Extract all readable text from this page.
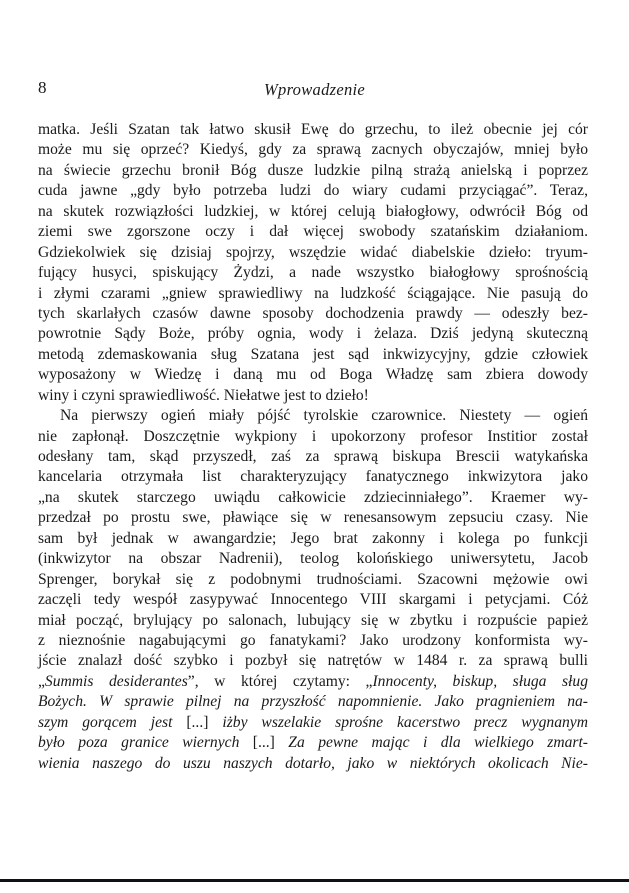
8	Wprowadzenie
matka. Jeśli Szatan tak łatwo skusił Ewę do grzechu, to ileż obecnie jej cór
może mu się oprzeć? Kiedyś, gdy za sprawą zacnych obyczajów, mniej było
na świecie grzechu bronił Bóg dusze ludzkie pilną strażą anielską i poprzez
cuda jawne „gdy było potrzeba ludzi do wiary cudami przyciągać”. Teraz,
na skutek rozwiązłości ludzkiej, w której celują białogłowy, odwrócił Bóg od
ziemi swe zgorszone oczy i dał więcej swobody szatańskim działaniom.
Gdziekolwiek się dzisiaj spojrzy, wszędzie widać diabelskie dzieło: tryum-
fujący husyci, spiskujący Żydzi, a nade wszystko białogłowy sprośnością
i złymi czarami „gniew sprawiedliwy na ludzkość ściągające. Nie pasują do
tych skarlałych czasów dawne sposoby dochodzenia prawdy — odeszły bez-
powrotnie Sądy Boże, próby ognia, wody i żelaza. Dziś jedyną skuteczną
metodą zdemaskowania sług Szatana jest sąd inkwizycyjny, gdzie człowiek
wyposażony w Wiedzę i daną mu od Boga Władzę sam zbiera dowody
winy i czyni sprawiedliwość. Niełatwe jest to dzieło!
Na pierwszy ogień miały pójść tyrolskie czarownice. Niestety — ogień
nie zapłonął. Doszczętnie wykpiony i upokorzony profesor Institior został
odesłany tam, skąd przyszedł, zaś za sprawą biskupa Brescii watykańska
kancelaria otrzymała list charakteryzujący fanatycznego inkwizytora jako
„na skutek starczego uwiądu całkowicie zdziecinniałego”. Kraemer wy-
przedzał po prostu swe, pławiące się w renesansowym zepsuciu czasy. Nie
sam był jednak w awangardzie; Jego brat zakonny i kolega po funkcji
(inkwizytor na obszar Nadrenii), teolog kolońskiego uniwersytetu, Jacob
Sprenger, borykał się z podobnymi trudnościami. Szacowni mężowie owi
zaczęli tedy wespół zasypywać Innocentego VIII skargami i petycjami. Cóż
miał począć, brylujący po salonach, lubujący się w zbytku i rozpuście papież
z nieznośnie nagabującymi go fanatykami? Jako urodzony konformista wy-
jście znalazł dość szybko i pozbył się natrętów w 1484 r. za sprawą bulli
„Summis desiderantes”, w której czytamy: „Innocenty, biskup, sługa sług
Bożych. W sprawie pilnej na przyszłość napomnienie. Jako pragnieniem na-
szym gorącem jest [...] iżby wszelakie sprośne kacerstwo precz wygnanym
było poza granice wiernych [...] Za pewne mając i dla wielkiego zmart-
wienia naszego do uszu naszych dotarło, jako w niektórych okolicach Nie-
